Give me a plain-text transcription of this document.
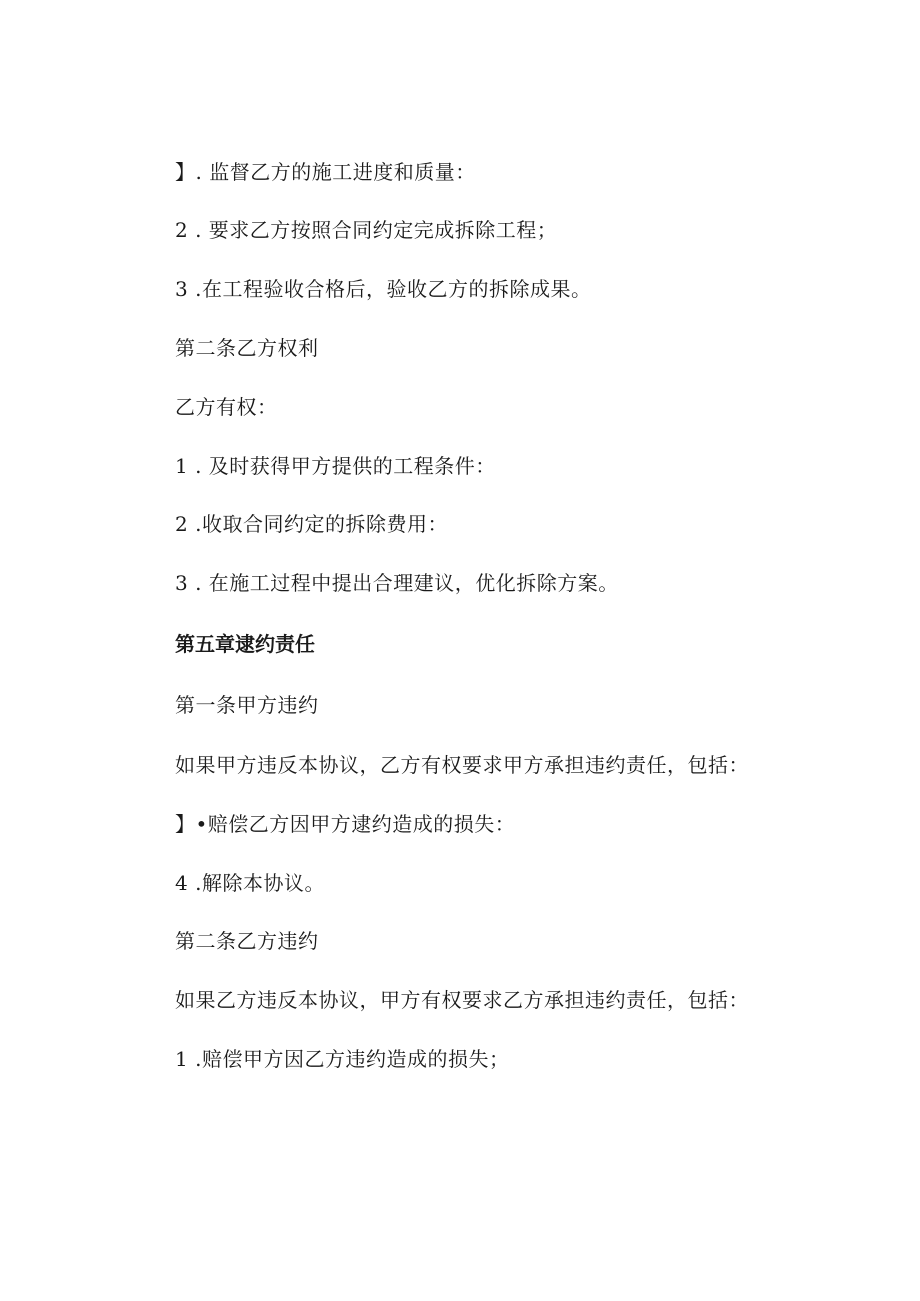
】. 监督乙方的施工进度和质量：
2 . 要求乙方按照合同约定完成拆除工程；
3 .在工程验收合格后，验收乙方的拆除成果。
第二条乙方权利
乙方有权：
1 . 及时获得甲方提供的工程条件：
2 .收取合同约定的拆除费用：
3 . 在施工过程中提出合理建议，优化拆除方案。
第五章逮约责任
第一条甲方违约
如果甲方违反本协议，乙方有权要求甲方承担违约责任，包括：
】•赔偿乙方因甲方逮约造成的损失：
4 .解除本协议。
第二条乙方违约
如果乙方违反本协议，甲方有权要求乙方承担违约责任，包括：
1 .赔偿甲方因乙方违约造成的损失；
